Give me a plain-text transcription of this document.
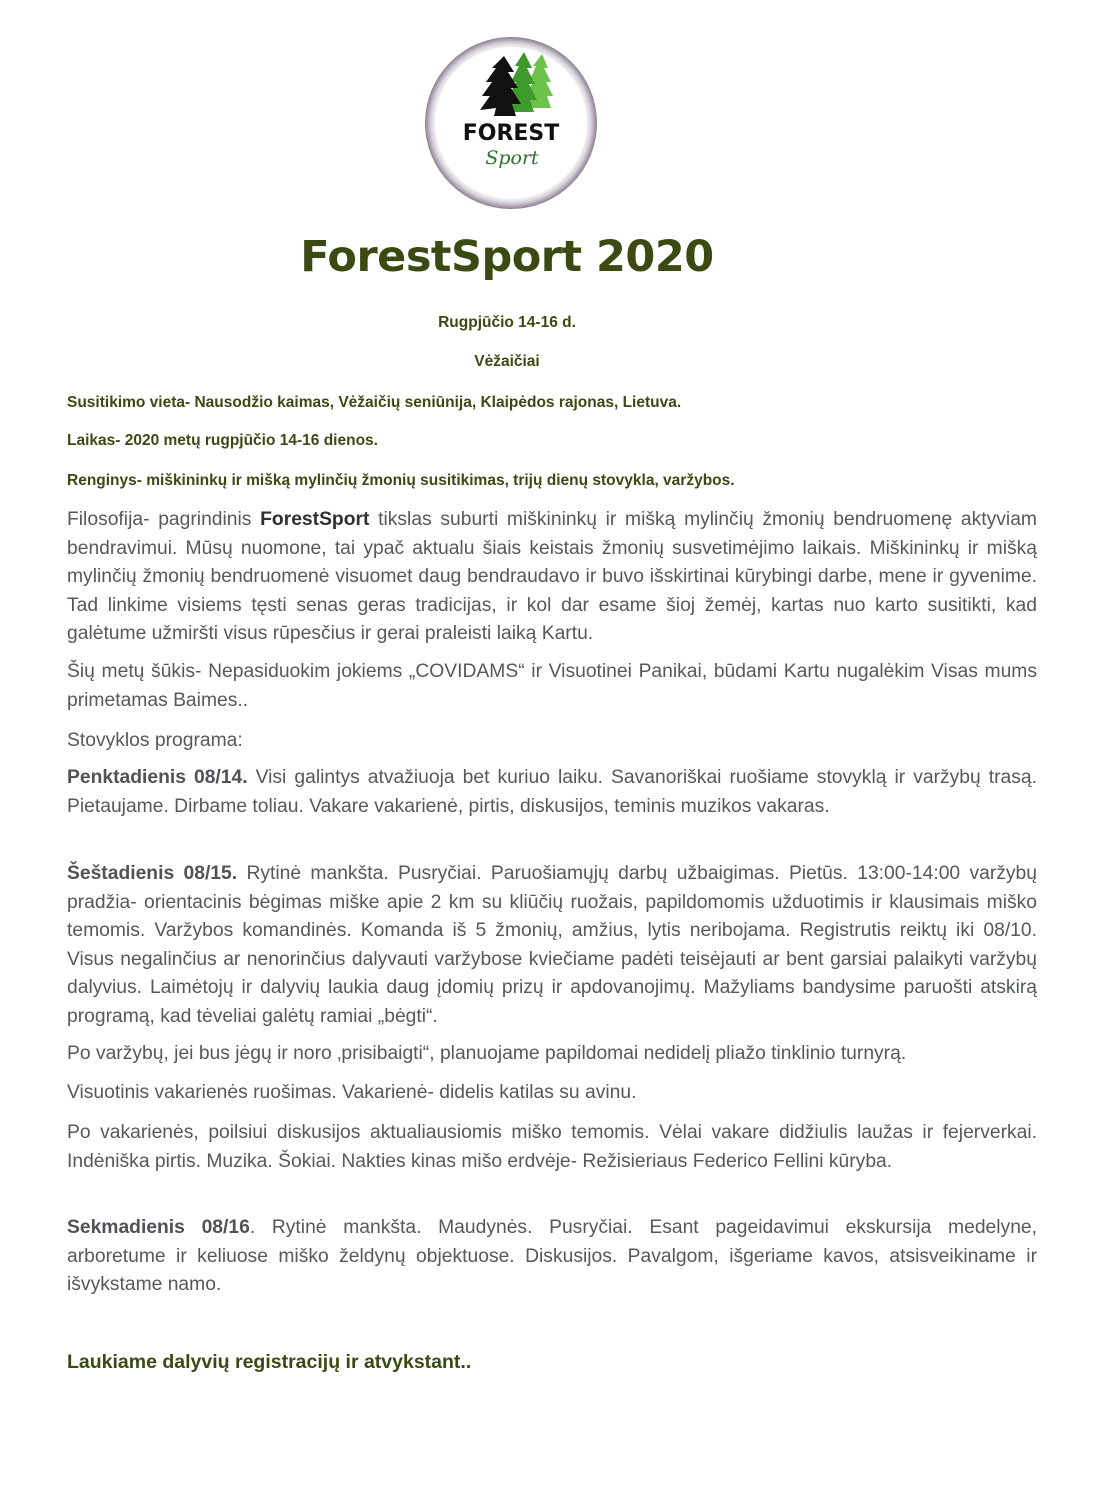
FOREST
Sport
ForestSport 2020
Rugpjūčio 14-16 d.
Vėžaičiai
Susitikimo vieta- Nausodžio kaimas, Vėžaičių seniūnija, Klaipėdos rajonas, Lietuva.
Laikas- 2020 metų rugpjūčio 14-16 dienos.
Renginys- miškininkų ir mišką mylinčių žmonių susitikimas, trijų dienų stovykla, varžybos.

Filosofija- pagrindinis ForestSport tikslas suburti miškininkų ir mišką mylinčių žmonių bendruomenę aktyviam bendravimui. Mūsų nuomone, tai ypač aktualu šiais keistais žmonių susvetimėjimo laikais. Miškininkų ir mišką mylinčių žmonių bendruomenė visuomet daug bendraudavo ir buvo išskirtinai kūrybingi darbe, mene ir gyvenime. Tad linkime visiems tęsti senas geras tradicijas, ir kol dar esame šioj žemėj, kartas nuo karto susitikti, kad galėtume užmiršti visus rūpesčius ir gerai praleisti laiką Kartu.

Šių metų šūkis- Nepasiduokim jokiems „COVIDAMS“ ir Visuotinei Panikai, būdami Kartu nugalėkim Visas mums primetamas Baimes..

Stovyklos programa:

Penktadienis 08/14. Visi galintys atvažiuoja bet kuriuo laiku. Savanoriškai ruošiame stovyklą ir varžybų trasą. Pietaujame. Dirbame toliau. Vakare vakarienė, pirtis, diskusijos, teminis muzikos vakaras.

Šeštadienis 08/15. Rytinė mankšta. Pusryčiai. Paruošiamųjų darbų užbaigimas. Pietūs. 13:00-14:00 varžybų pradžia- orientacinis bėgimas miške apie 2 km su kliūčių ruožais, papildomomis užduotimis ir klausimais miško temomis. Varžybos komandinės. Komanda iš 5 žmonių, amžius, lytis neribojama. Registrutis reiktų iki 08/10. Visus negalinčius ar nenorinčius dalyvauti varžybose kviečiame padėti teisėjauti ar bent garsiai palaikyti varžybų dalyvius. Laimėtojų ir dalyvių laukia daug įdomių prizų ir apdovanojimų. Mažyliams bandysime paruošti atskirą programą, kad tėveliai galėtų ramiai „bėgti“.

Po varžybų, jei bus jėgų ir noro ‚prisibaigti“, planuojame papildomai nedidelį pliažo tinklinio turnyrą.

Visuotinis vakarienės ruošimas. Vakarienė- didelis katilas su avinu.

Po vakarienės, poilsiui diskusijos aktualiausiomis miško temomis. Vėlai vakare didžiulis laužas ir fejerverkai. Indėniška pirtis. Muzika. Šokiai. Nakties kinas mišo erdvėje- Režisieriaus Federico Fellini kūryba.

Sekmadienis 08/16. Rytinė mankšta. Maudynės. Pusryčiai. Esant pageidavimui ekskursija medelyne, arboretume ir keliuose miško želdynų objektuose. Diskusijos. Pavalgom, išgeriame kavos, atsisveikiname ir išvykstame namo.

Laukiame dalyvių registracijų ir atvykstant..
